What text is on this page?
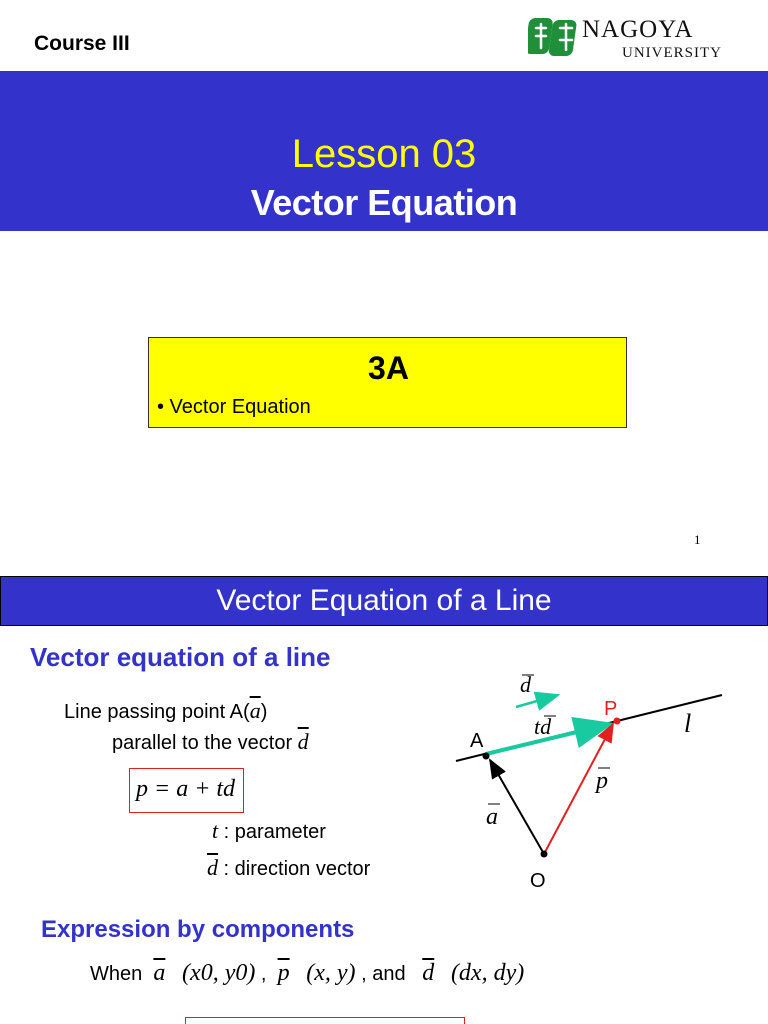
Course III
NAGOYA
UNIVERSITY
Lesson 03
Vector Equation
3A
• Vector Equation
1
Vector Equation of a Line
Vector equation of a line
Line passing point $A(\overline{a})$
parallel to the vector $\overline{d}$
p = a + td
t : parameter
$\overline{d}$ : direction vector
Expression by components
When $\overline{a}$ (x0, y0) ,  $\overline{p}$ (x, y) , and $\overline{d}$ (dx, dy)
d
td
P	l
A
p
a
O
